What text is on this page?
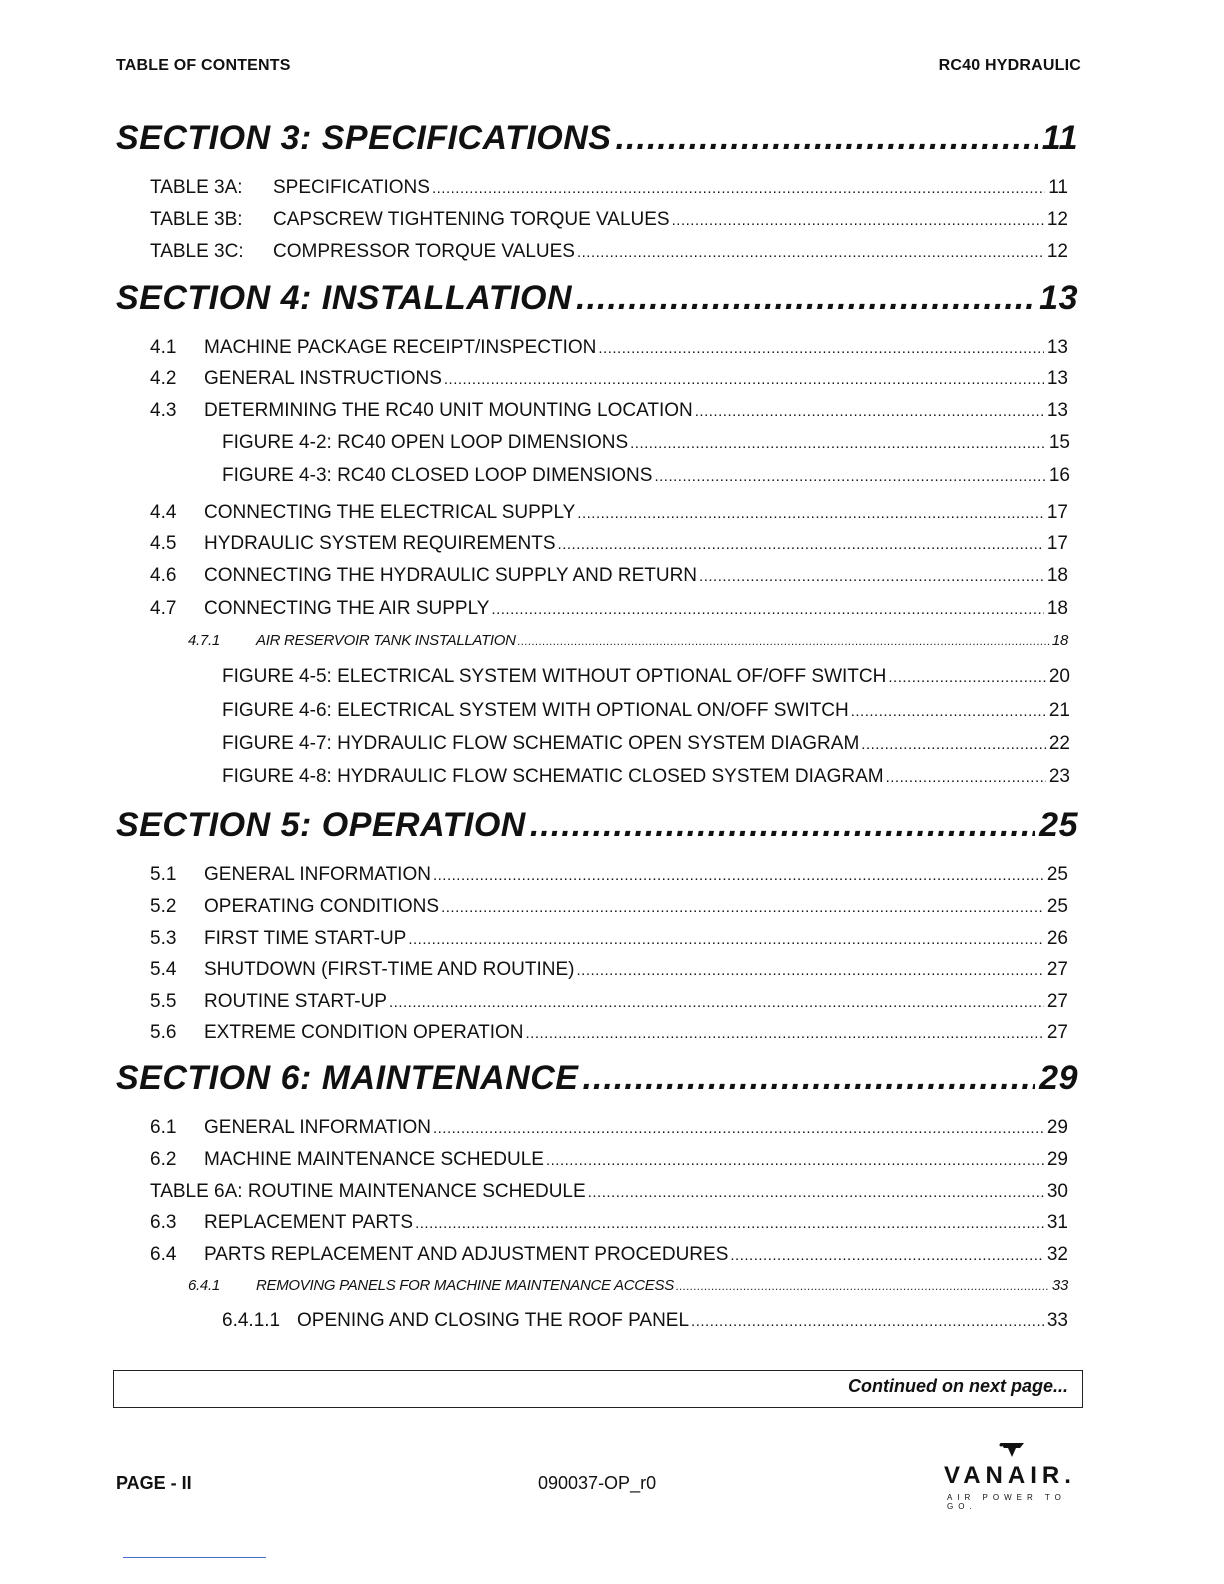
TABLE OF CONTENTS	RC40 HYDRAULIC
SECTION 3: SPECIFICATIONS .....	11
TABLE 3A:	SPECIFICATIONS .....	11
TABLE 3B:	CAPSCREW TIGHTENING TORQUE VALUES .....	12
TABLE 3C:	COMPRESSOR TORQUE VALUES .....	12
SECTION 4: INSTALLATION .....	13
4.1	MACHINE PACKAGE RECEIPT/INSPECTION .....	13
4.2	GENERAL INSTRUCTIONS .....	13
4.3	DETERMINING THE RC40 UNIT MOUNTING LOCATION .....	13
FIGURE 4-2: RC40 OPEN LOOP DIMENSIONS .....	15
FIGURE 4-3: RC40 CLOSED LOOP DIMENSIONS .....	16
4.4	CONNECTING THE ELECTRICAL SUPPLY .....	17
4.5	HYDRAULIC SYSTEM REQUIREMENTS .....	17
4.6	CONNECTING THE HYDRAULIC SUPPLY AND RETURN .....	18
4.7	CONNECTING THE AIR SUPPLY .....	18
4.7.1	AIR RESERVOIR TANK INSTALLATION .....	18
FIGURE 4-5: ELECTRICAL SYSTEM WITHOUT OPTIONAL OF/OFF SWITCH .....	20
FIGURE 4-6: ELECTRICAL SYSTEM WITH OPTIONAL ON/OFF SWITCH .....	21
FIGURE 4-7: HYDRAULIC FLOW SCHEMATIC OPEN SYSTEM DIAGRAM .....	22
FIGURE 4-8: HYDRAULIC FLOW SCHEMATIC CLOSED SYSTEM DIAGRAM .....	23
SECTION 5: OPERATION .....	25
5.1	GENERAL INFORMATION .....	25
5.2	OPERATING CONDITIONS .....	25
5.3	FIRST TIME START-UP .....	26
5.4	SHUTDOWN (FIRST-TIME AND ROUTINE) .....	27
5.5	ROUTINE START-UP .....	27
5.6	EXTREME CONDITION OPERATION .....	27
SECTION 6: MAINTENANCE .....	29
6.1	GENERAL INFORMATION .....	29
6.2	MACHINE MAINTENANCE SCHEDULE .....	29
TABLE 6A: ROUTINE MAINTENANCE SCHEDULE .....	30
6.3	REPLACEMENT PARTS .....	31
6.4	PARTS REPLACEMENT AND ADJUSTMENT PROCEDURES .....	32
6.4.1	REMOVING PANELS FOR MACHINE MAINTENANCE ACCESS .....	33
6.4.1.1 OPENING AND CLOSING THE ROOF PANEL .....	33
Continued on next page...
PAGE - II	090037-OP_r0	VANAIR.
AIR POWER TO GO.
